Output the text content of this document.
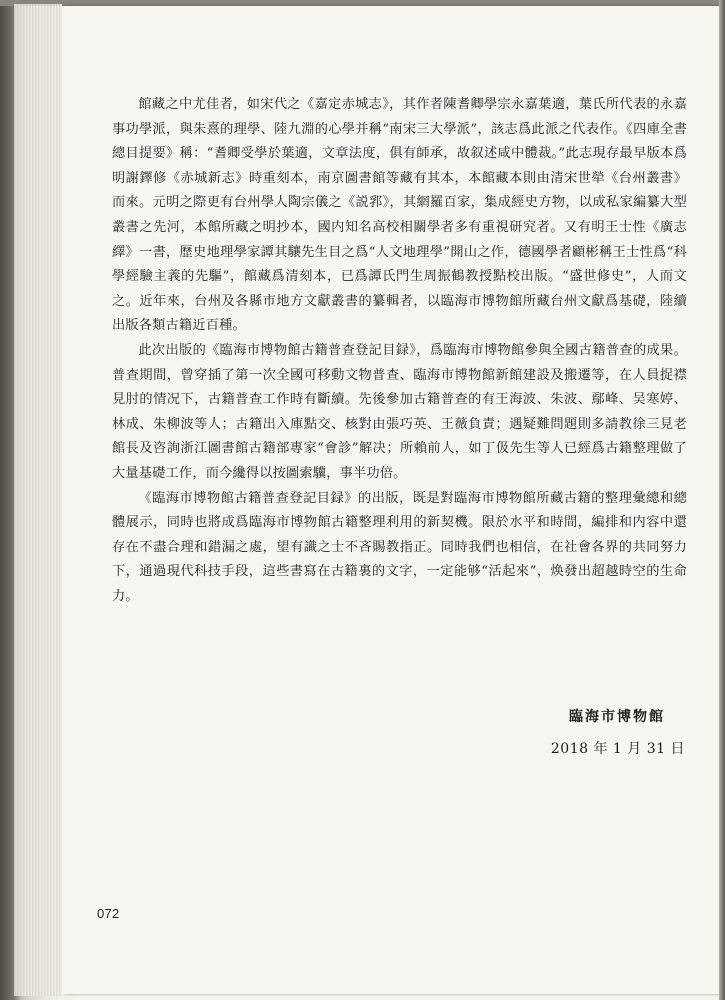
館藏之中尤佳者，如宋代之《嘉定赤城志》，其作者陳耆卿學宗永嘉葉適，葉氏所代表的永嘉事功學派，與朱熹的理學、陸九淵的心學并稱“南宋三大學派”，該志爲此派之代表作。《四庫全書總目提要》稱：“耆卿受學於葉適，文章法度，俱有師承，故叙述咸中體裁。”此志現存最早版本爲明謝鐸修《赤城新志》時重刻本，南京圖書館等藏有其本，本館藏本則由清宋世犖《台州叢書》而來。元明之際更有台州學人陶宗儀之《説郛》，其網羅百家，集成經史方物，以成私家編纂大型叢書之先河，本館所藏之明抄本，國内知名高校相關學者多有重視研究者。又有明王士性《廣志繹》一書，歷史地理學家譚其驤先生目之爲“人文地理學”開山之作，德國學者顧彬稱王士性爲“科學經驗主義的先驅”，館藏爲清刻本，已爲譚氏門生周振鶴教授點校出版。“盛世修史”，人而文之。近年來，台州及各縣市地方文獻叢書的纂輯者，以臨海市博物館所藏台州文獻爲基礎，陸續出版各類古籍近百種。

此次出版的《臨海市博物館古籍普查登記目録》，爲臨海市博物館參與全國古籍普查的成果。普查期間，曾穿插了第一次全國可移動文物普查、臨海市博物館新館建設及搬遷等，在人員捉襟見肘的情况下，古籍普查工作時有斷續。先後參加古籍普查的有王海波、朱波、鄢峰、吴寒婷、林成、朱柳波等人；古籍出入庫點交、核對由張巧英、王薇負責；遇疑難問題則多請教徐三見老館長及咨詢浙江圖書館古籍部專家“會診”解决；所賴前人，如丁伋先生等人已經爲古籍整理做了大量基礎工作，而今纔得以按圖索驥，事半功倍。

《臨海市博物館古籍普查登記目録》的出版，既是對臨海市博物館所藏古籍的整理彙總和總體展示，同時也將成爲臨海市博物館古籍整理利用的新契機。限於水平和時間，編排和内容中還存在不盡合理和錯漏之處，望有識之士不吝賜教指正。同時我們也相信，在社會各界的共同努力下，通過現代科技手段，這些書寫在古籍裏的文字，一定能够“活起來”，焕發出超越時空的生命力。

臨海市博物館
2018 年 1 月 31 日
072
